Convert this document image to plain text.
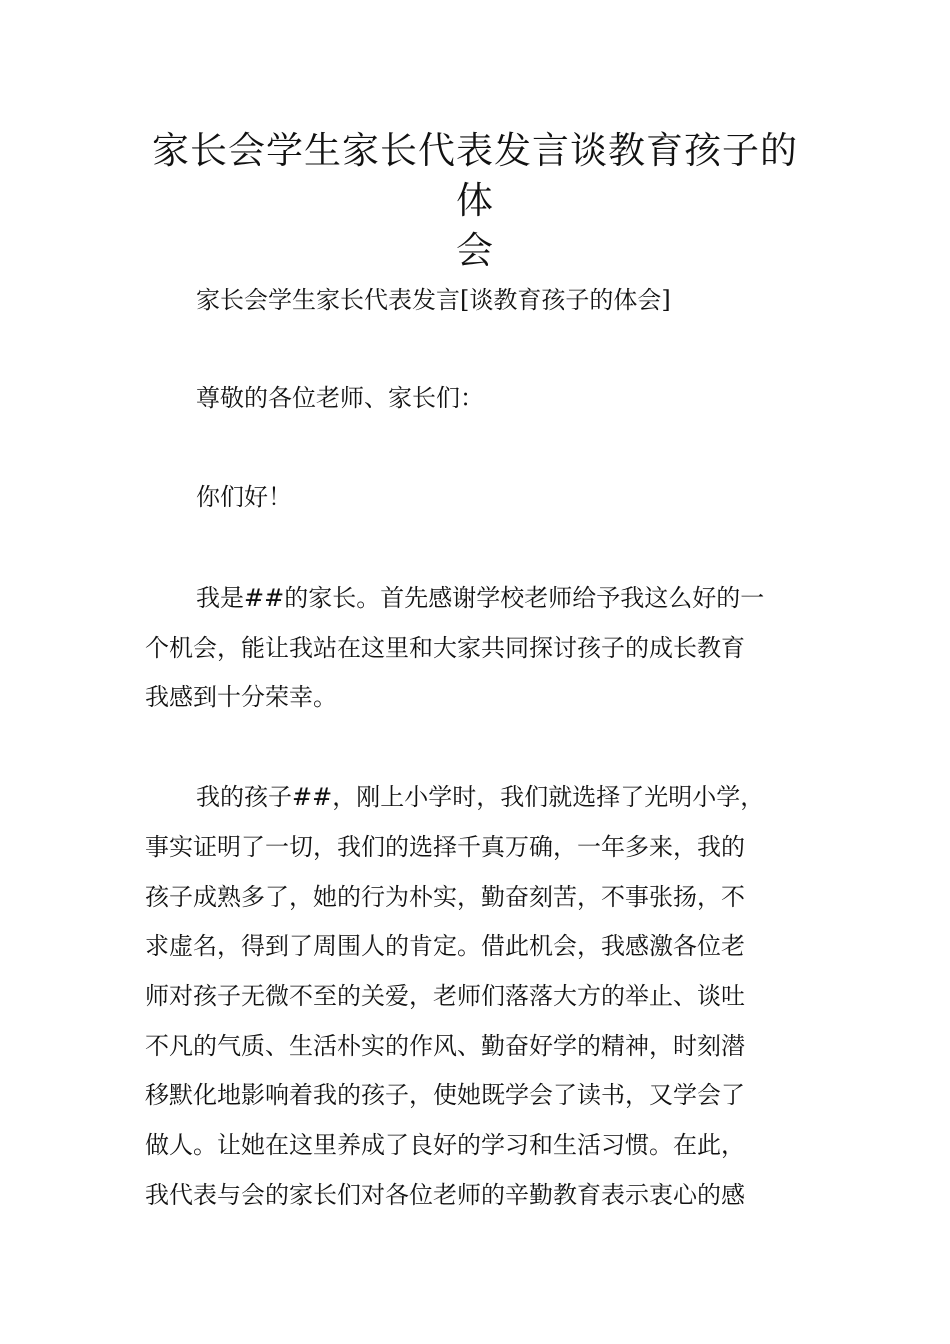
家长会学生家长代表发言谈教育孩子的体
会

家长会学生家长代表发言[谈教育孩子的体会]

尊敬的各位老师、家长们：

你们好！

我是##的家长。首先感谢学校老师给予我这么好的一

个机会，能让我站在这里和大家共同探讨孩子的成长教育

我感到十分荣幸。

我的孩子##，刚上小学时，我们就选择了光明小学，

事实证明了一切，我们的选择千真万确，一年多来，我的

孩子成熟多了，她的行为朴实，勤奋刻苦，不事张扬，不

求虚名，得到了周围人的肯定。借此机会，我感激各位老

师对孩子无微不至的关爱，老师们落落大方的举止、谈吐

不凡的气质、生活朴实的作风、勤奋好学的精神，时刻潜

移默化地影响着我的孩子，使她既学会了读书，又学会了

做人。让她在这里养成了良好的学习和生活习惯。在此，

我代表与会的家长们对各位老师的辛勤教育表示衷心的感
